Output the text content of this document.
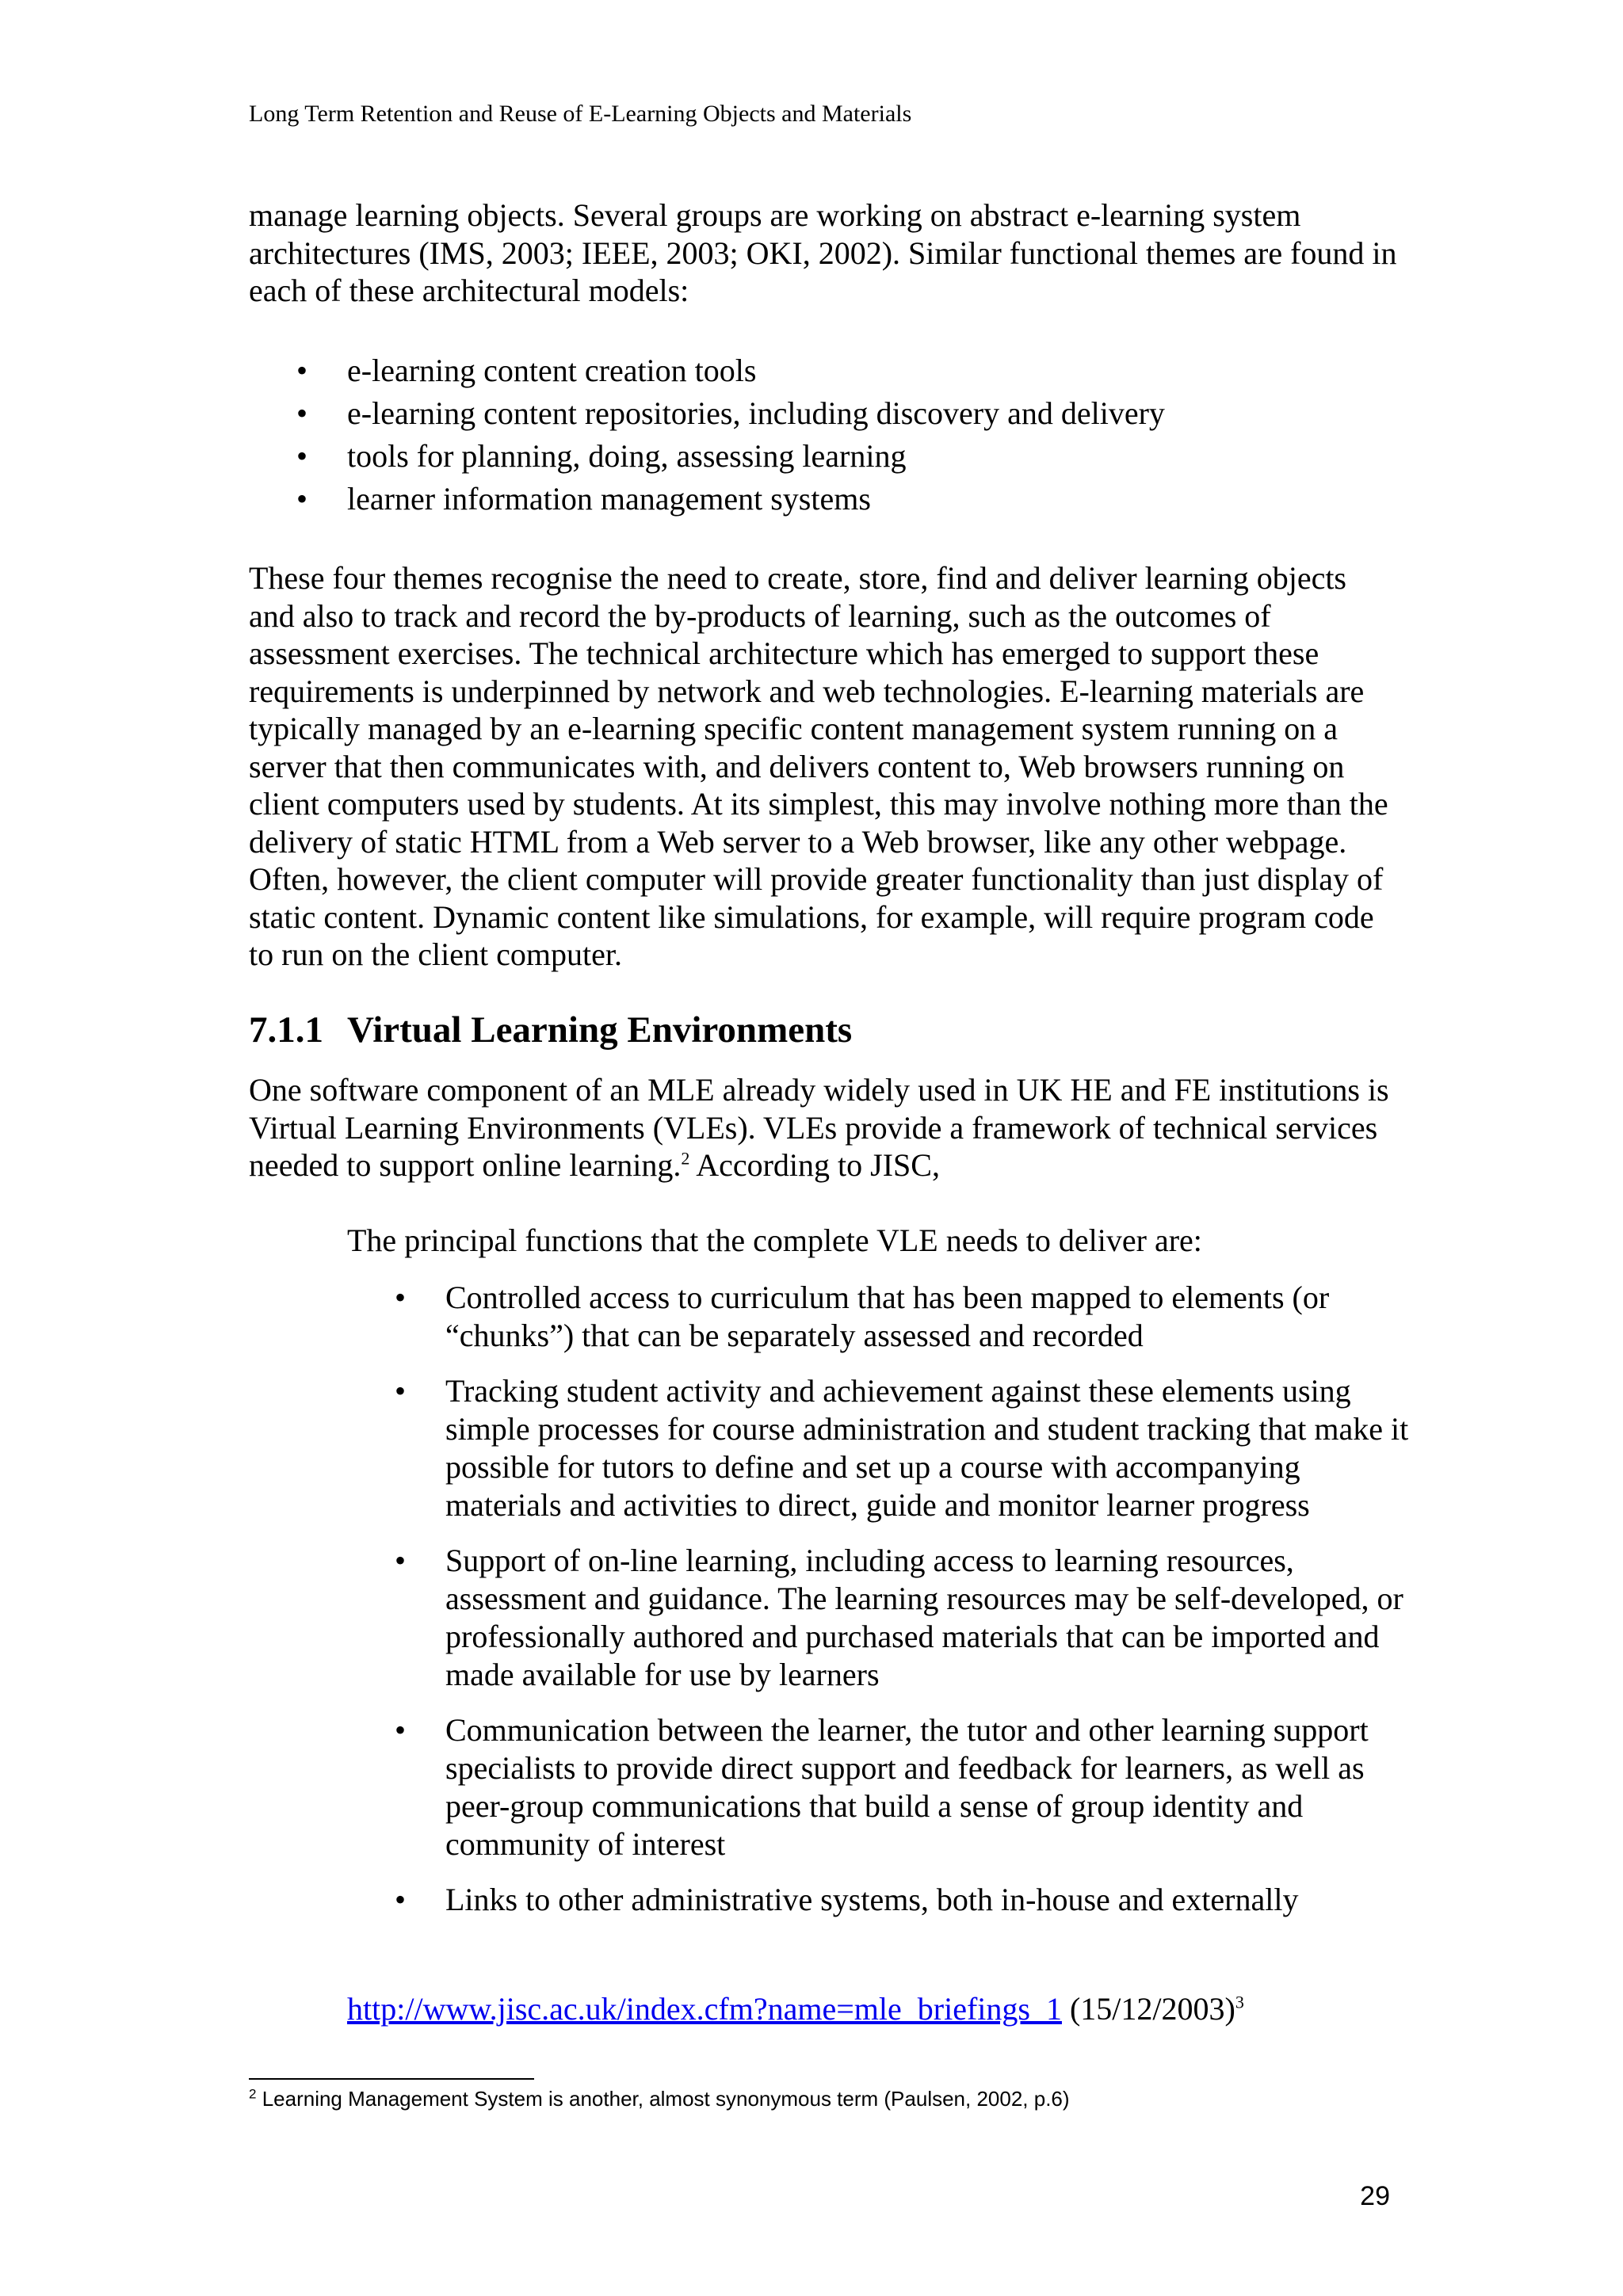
Long Term Retention and Reuse of E-Learning Objects and Materials

manage learning objects. Several groups are working on abstract e-learning system architectures (IMS, 2003; IEEE, 2003; OKI, 2002). Similar functional themes are found in each of these architectural models:

• e-learning content creation tools
• e-learning content repositories, including discovery and delivery
• tools for planning, doing, assessing learning
• learner information management systems

These four themes recognise the need to create, store, find and deliver learning objects and also to track and record the by-products of learning, such as the outcomes of assessment exercises. The technical architecture which has emerged to support these requirements is underpinned by network and web technologies. E-learning materials are typically managed by an e-learning specific content management system running on a server that then communicates with, and delivers content to, Web browsers running on client computers used by students. At its simplest, this may involve nothing more than the delivery of static HTML from a Web server to a Web browser, like any other webpage. Often, however, the client computer will provide greater functionality than just display of static content. Dynamic content like simulations, for example, will require program code to run on the client computer.

7.1.1 Virtual Learning Environments

One software component of an MLE already widely used in UK HE and FE institutions is Virtual Learning Environments (VLEs). VLEs provide a framework of technical services needed to support online learning.$^2$ According to JISC,

The principal functions that the complete VLE needs to deliver are:

• Controlled access to curriculum that has been mapped to elements (or “chunks”) that can be separately assessed and recorded
• Tracking student activity and achievement against these elements using simple processes for course administration and student tracking that make it possible for tutors to define and set up a course with accompanying materials and activities to direct, guide and monitor learner progress
• Support of on-line learning, including access to learning resources, assessment and guidance. The learning resources may be self-developed, or professionally authored and purchased materials that can be imported and made available for use by learners
• Communication between the learner, the tutor and other learning support specialists to provide direct support and feedback for learners, as well as peer-group communications that build a sense of group identity and community of interest
• Links to other administrative systems, both in-house and externally
http://www.jisc.ac.uk/index.cfm?name=mle_briefings_1 $(15/12/2003)^3$
$^2$ Learning Management System is another, almost synonymous term (Paulsen, 2002, p.6)
29
